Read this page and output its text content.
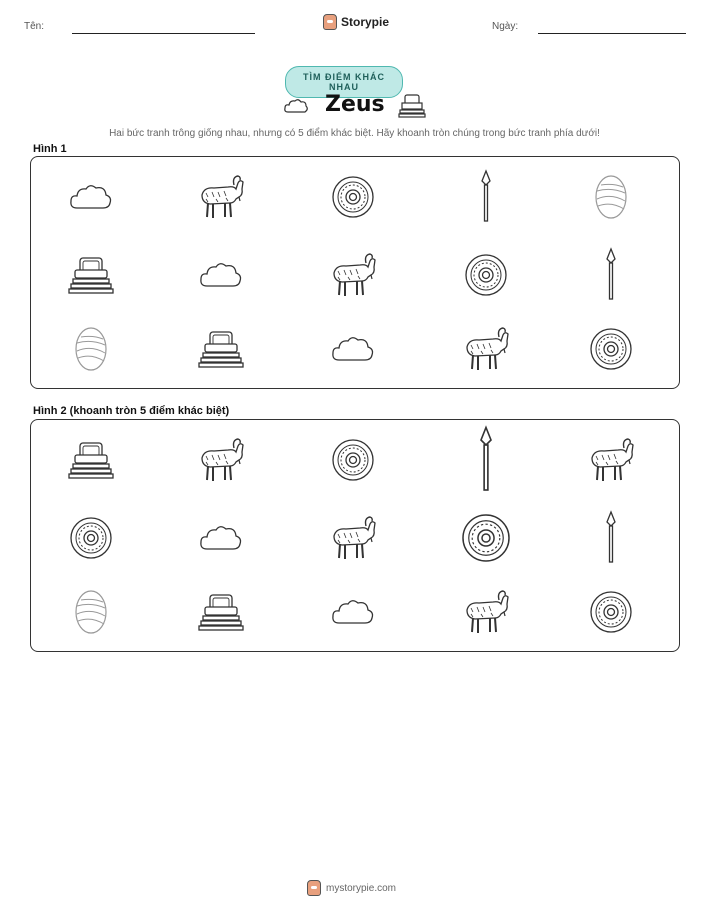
Tên:	Storypie	Ngày:
TÌM ĐIỂM KHÁC NHAU
Zeus
Hai bức tranh trông giống nhau, nhưng có 5 điểm khác biệt. Hãy khoanh tròn chúng trong bức tranh phía dưới!
Hình 1
Hình 2 (khoanh tròn 5 điểm khác biệt)
mystorypie.com
